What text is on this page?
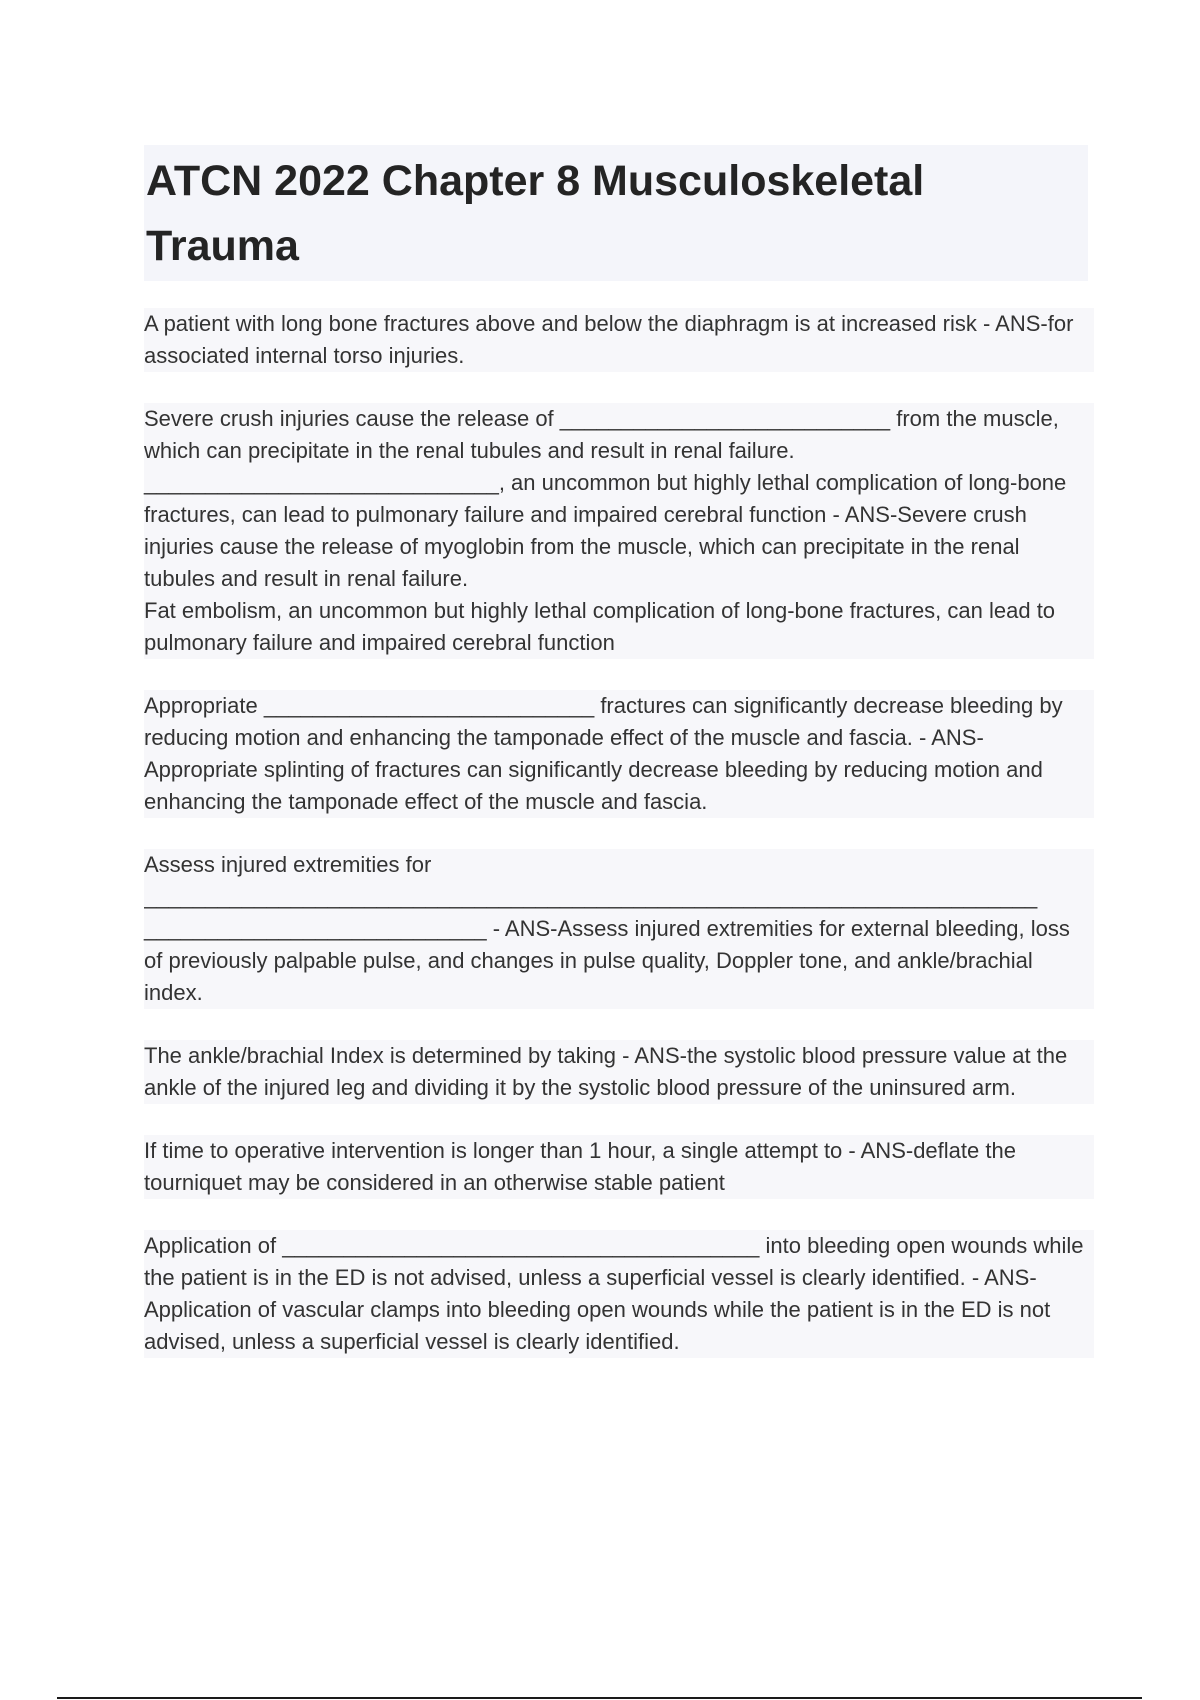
ATCN 2022 Chapter 8 Musculoskeletal Trauma

A patient with long bone fractures above and below the diaphragm is at increased risk - ANS-for associated internal torso injuries.

Severe crush injuries cause the release of ___________________________ from the muscle, which can precipitate in the renal tubules and result in renal failure.

_____________________________, an uncommon but highly lethal complication of long-bone fractures, can lead to pulmonary failure and impaired cerebral function - ANS-Severe crush injuries cause the release of myoglobin from the muscle, which can precipitate in the renal tubules and result in renal failure.

Fat embolism, an uncommon but highly lethal complication of long-bone fractures, can lead to pulmonary failure and impaired cerebral function

Appropriate ___________________________ fractures can significantly decrease bleeding by reducing motion and enhancing the tamponade effect of the muscle and fascia. - ANS-Appropriate splinting of fractures can significantly decrease bleeding by reducing motion and enhancing the tamponade effect of the muscle and fascia.

Assess injured extremities for

_________________________________________________________________________

____________________________ - ANS-Assess injured extremities for external bleeding, loss of previously palpable pulse, and changes in pulse quality, Doppler tone, and ankle/brachial index.

The ankle/brachial Index is determined by taking - ANS-the systolic blood pressure value at the ankle of the injured leg and dividing it by the systolic blood pressure of the uninsured arm.

If time to operative intervention is longer than 1 hour, a single attempt to - ANS-deflate the tourniquet may be considered in an otherwise stable patient

Application of _______________________________________ into bleeding open wounds while the patient is in the ED is not advised, unless a superficial vessel is clearly identified. - ANS-Application of vascular clamps into bleeding open wounds while the patient is in the ED is not advised, unless a superficial vessel is clearly identified.
